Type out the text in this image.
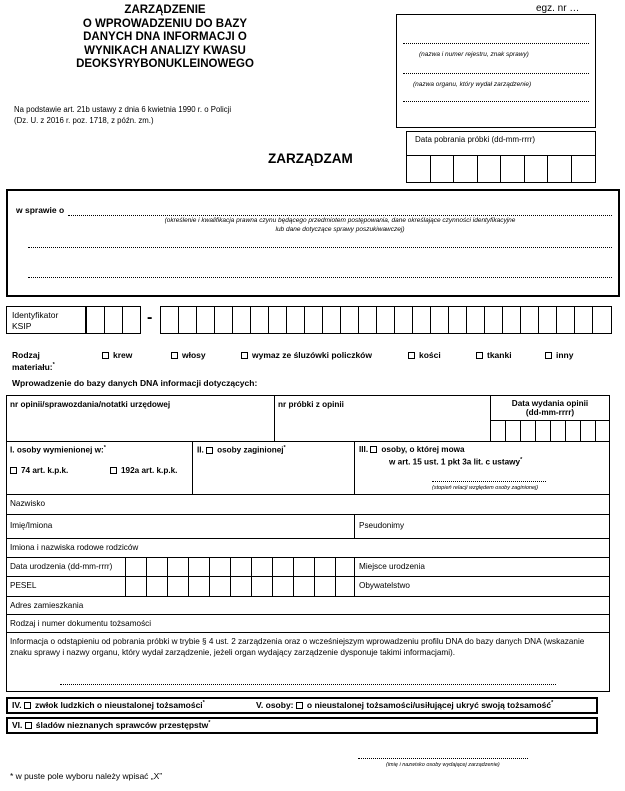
ZARZĄDZENIE
O WPROWADZENIU DO BAZY
DANYCH DNA INFORMACJI O
WYNIKACH ANALIZY KWASU
DEOKSYRYBONUKLEINOWEGO
Na podstawie art. 21b ustawy z dnia 6 kwietnia 1990 r. o Policji
(Dz. U. z 2016 r. poz. 1718, z późn. zm.)
egz. nr …
(nazwa i numer rejestru, znak sprawy)
(nazwa organu, który wydał zarządzenie)
Data pobrania próbki (dd-mm-rrrr)
ZARZĄDZAM
w sprawie o
(określenie i kwalifikacja prawna czynu będącego przedmiotem postępowania, dane określające czynności identyfikacyjne
lub dane dotyczące sprawy poszukiwawczej)
Identyfikator
KSIP	-
Rodzaj
materiału:*
krew	włosy	wymaz ze śluzówki policzków	kości	tkanki	inny
Wprowadzenie do bazy danych DNA informacji dotyczących:
nr opinii/sprawozdania/notatki urzędowej	nr próbki z opinii	Data wydania opinii
(dd-mm-rrrr)
I. osoby wymienionej w:*
74 art. k.p.k.	192a art. k.p.k.
II. osoby zaginionej*	III. osoby, o której mowa
w art. 15 ust. 1 pkt 3a lit. c ustawy*
(stopień relacji względem osoby zaginionej)
Nazwisko
Imię/Imiona	Pseudonimy
Imiona i nazwiska rodowe rodziców
Data urodzenia (dd-mm-rrrr)	Miejsce urodzenia
PESEL	Obywatelstwo
Adres zamieszkania
Rodzaj i numer dokumentu tożsamości
Informacja o odstąpieniu od pobrania próbki w trybie § 4 ust. 2 zarządzenia oraz o wcześniejszym wprowadzeniu profilu DNA do bazy danych DNA (wskazanie znaku sprawy i nazwy organu, który wydał zarządzenie, jeżeli organ wydający zarządzenie dysponuje takimi informacjami).
IV. zwłok ludzkich o nieustalonej tożsamości*	V. osoby: o nieustalonej tożsamości/usiłującej ukryć swoją tożsamość*
VI. śladów nieznanych sprawców przestępstw*
(imię i nazwisko osoby wydającej zarządzenie)
* w puste pole wyboru należy wpisać „X”
